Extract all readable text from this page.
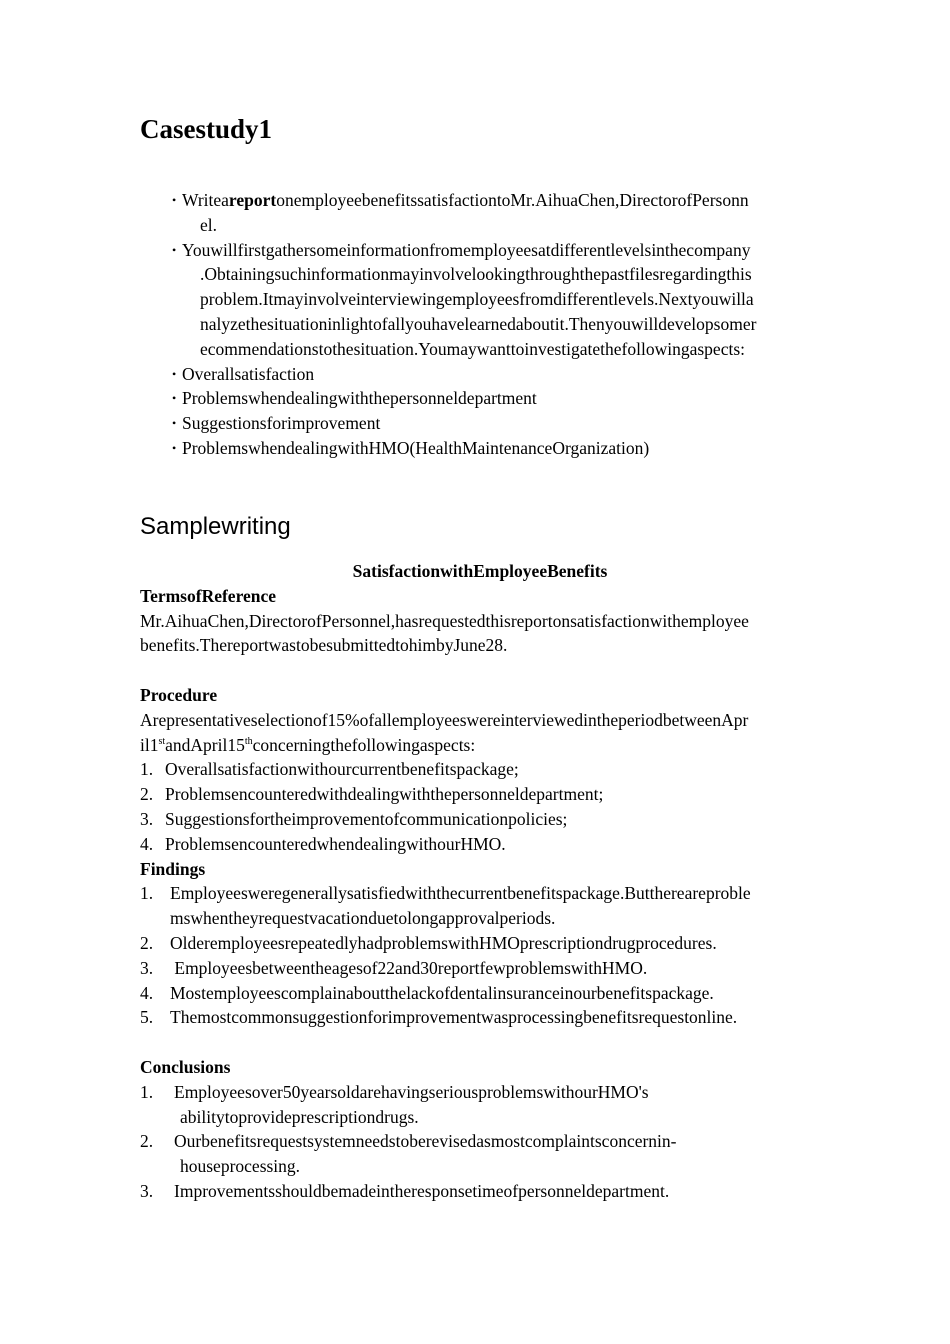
Casestudy1
• WriteareportonemployeebenefitssatisfactiontoMr.AihuaChen,DirectorofPersonn
el.
• Youwillfirstgathersomeinformationfromemployeesatdifferentlevelsinthecompany
.Obtainingsuchinformationmayinvolvelookingthroughthepastfilesregardingthis
problem.Itmayinvolveinterviewingemployeesfromdifferentlevels.Nextyouwilla
nalyzethesituationinlightofallyouhavelearnedaboutit.Thenyouwilldevelopsomer
ecommendationstothesituation.Youmaywanttoinvestigatethefollowingaspects:
• Overallsatisfaction
• Problemswhendealingwiththepersonneldepartment
• Suggestionsforimprovement
• ProblemswhendealingwithHMO(HealthMaintenanceOrganization)
Samplewriting
SatisfactionwithEmployeeBenefits
TermsofReference
Mr.AihuaChen,DirectorofPersonnel,hasrequestedthisreportonsatisfactionwithemployee
benefits.ThereportwastobesubmittedtohimbyJune28.
Procedure
Arepresentativeselectionof15%ofallemployeeswereinterviewedintheperiodbetweenApr
il1standApril15thconcerningthefollowingaspects:
1. Overallsatisfactionwithourcurrentbenefitspackage;
2. Problemsencounteredwithdealingwiththepersonneldepartment;
3. Suggestionsfortheimprovementofcommunicationpolicies;
4. ProblemsencounteredwhendealingwithourHMO.
Findings
1. Employeesweregenerallysatisfiedwiththecurrentbenefitspackage.Butthereareproble
mswhentheyrequestvacationduetolongapprovalperiods.
2. OlderemployeesrepeatedlyhadproblemswithHMOprescriptiondrugprocedures.
3. Employeesbetweentheagesof22and30reportfewproblemswithHMO.
4. Mostemployeescomplainaboutthelackofdentalinsuranceinourbenefitspackage.
5. Themostcommonsuggestionforimprovementwasprocessingbenefitsrequestonline.
Conclusions
1. Employeesover50yearsoldarehavingseriousproblemswithourHMO's
abilitytoprovideprescriptiondrugs.
2. Ourbenefitsrequestsystemneedstoberevisedasmostcomplaintsconcernin-
houseprocessing.
3. Improvementsshouldbemadeintheresponsetimeofpersonneldepartment.
